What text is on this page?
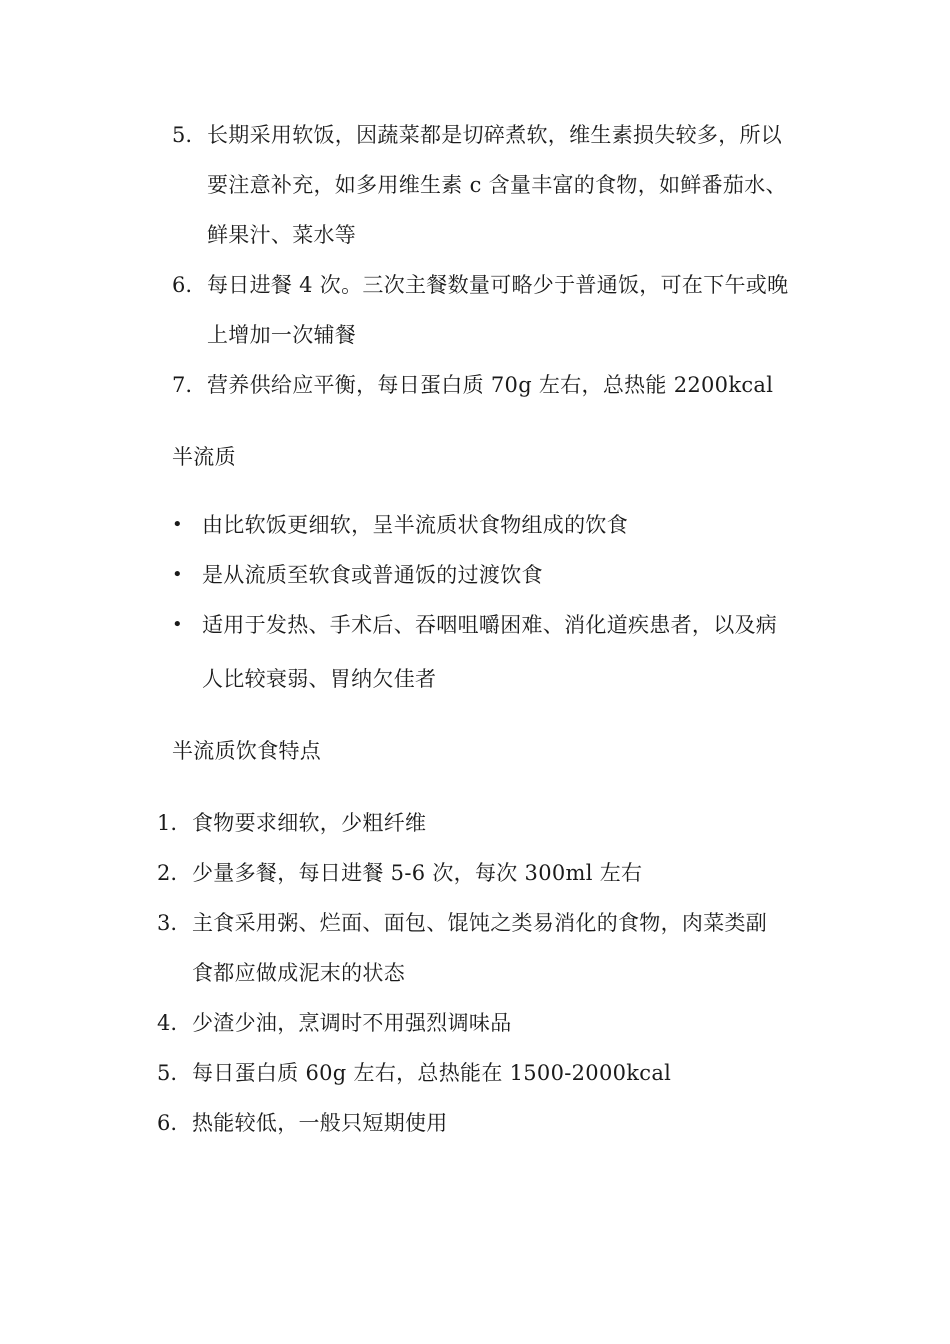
5. 长期采用软饭，因蔬菜都是切碎煮软，维生素损失较多，所以
要注意补充，如多用维生素 c 含量丰富的食物，如鲜番茄水、
鲜果汁、菜水等
6. 每日进餐 4 次。三次主餐数量可略少于普通饭，可在下午或晚
上增加一次辅餐
7. 营养供给应平衡，每日蛋白质 70g 左右，总热能 2200kcal
半流质
• 由比软饭更细软，呈半流质状食物组成的饮食
• 是从流质至软食或普通饭的过渡饮食
• 适用于发热、手术后、吞咽咀嚼困难、消化道疾患者，以及病
人比较衰弱、胃纳欠佳者
半流质饮食特点
1. 食物要求细软，少粗纤维
2. 少量多餐，每日进餐 5-6 次，每次 300ml 左右
3. 主食采用粥、烂面、面包、馄饨之类易消化的食物，肉菜类副
食都应做成泥末的状态
4. 少渣少油，烹调时不用强烈调味品
5. 每日蛋白质 60g 左右，总热能在 1500-2000kcal
6. 热能较低，一般只短期使用
